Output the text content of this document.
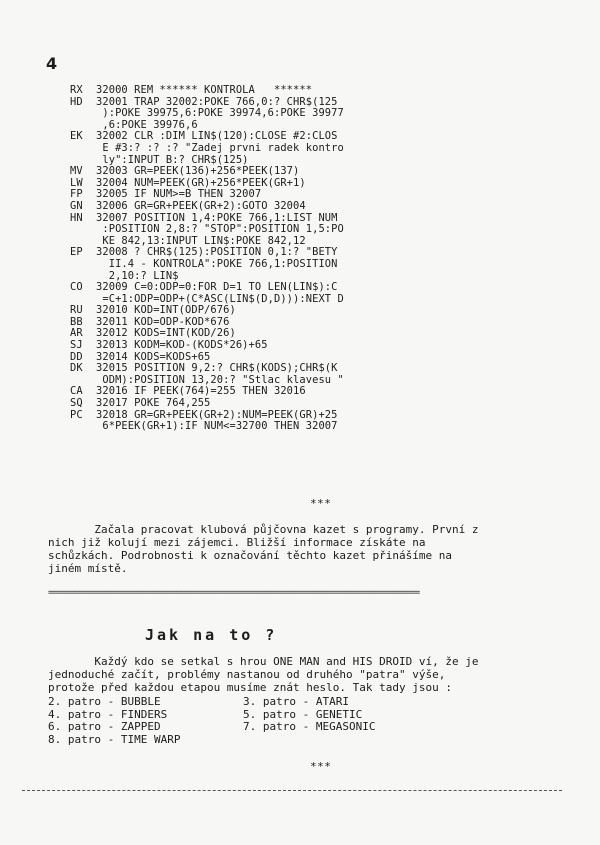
4
RX	32000 REM ****** KONTROLA   ******
HD	32001 TRAP 32002:POKE 766,0:? CHR$(125
):POKE 39975,6:POKE 39974,6:POKE 39977
,6:POKE 39976,6
EK	32002 CLR :DIM LIN$(120):CLOSE #2:CLOS
E #3:? :? :? "Zadej prvni radek kontro
ly":INPUT B:? CHR$(125)
MV	32003 GR=PEEK(136)+256*PEEK(137)
LW	32004 NUM=PEEK(GR)+256*PEEK(GR+1)
FP	32005 IF NUM>=B THEN 32007
GN	32006 GR=GR+PEEK(GR+2):GOTO 32004
HN	32007 POSITION 1,4:POKE 766,1:LIST NUM
:POSITION 2,8:? "STOP":POSITION 1,5:PO
KE 842,13:INPUT LIN$:POKE 842,12
EP	32008 ? CHR$(125):POSITION 0,1:? "BETY
II.4 - KONTROLA":POKE 766,1:POSITION
2,10:? LIN$
CO	32009 C=0:ODP=0:FOR D=1 TO LEN(LIN$):C
=C+1:ODP=ODP+(C*ASC(LIN$(D,D))):NEXT D
RU	32010 KOD=INT(ODP/676)
BB	32011 KOD=ODP-KOD*676
AR	32012 KODS=INT(KOD/26)
SJ	32013 KODM=KOD-(KODS*26)+65
DD	32014 KODS=KODS+65
DK	32015 POSITION 9,2:? CHR$(KODS);CHR$(K
ODM):POSITION 13,20:? "Stlac klavesu "
CA	32016 IF PEEK(764)=255 THEN 32016
SQ	32017 POKE 764,255
PC	32018 GR=GR+PEEK(GR+2):NUM=PEEK(GR)+25
6*PEEK(GR+1):IF NUM<=32700 THEN 32007
***
Začala pracovat klubová půjčovna kazet s programy. První z
nich již kolují mezi zájemci. Bližší informace získáte na
schůzkách. Podrobnosti k označování těchto kazet přinášíme na
jiném místě.
====================================================================================
Jak na to ?
Každý kdo se setkal s hrou ONE MAN and HIS DROID ví, že je
jednoduché začít, problémy nastanou od druhého "patra" výše,
protože před každou etapou musíme znát heslo. Tak tady jsou :
2. patro - BUBBLE	3. patro - ATARI
4. patro - FINDERS	5. patro - GENETIC
6. patro - ZAPPED	7. patro - MEGASONIC
8. patro - TIME WARP
***
